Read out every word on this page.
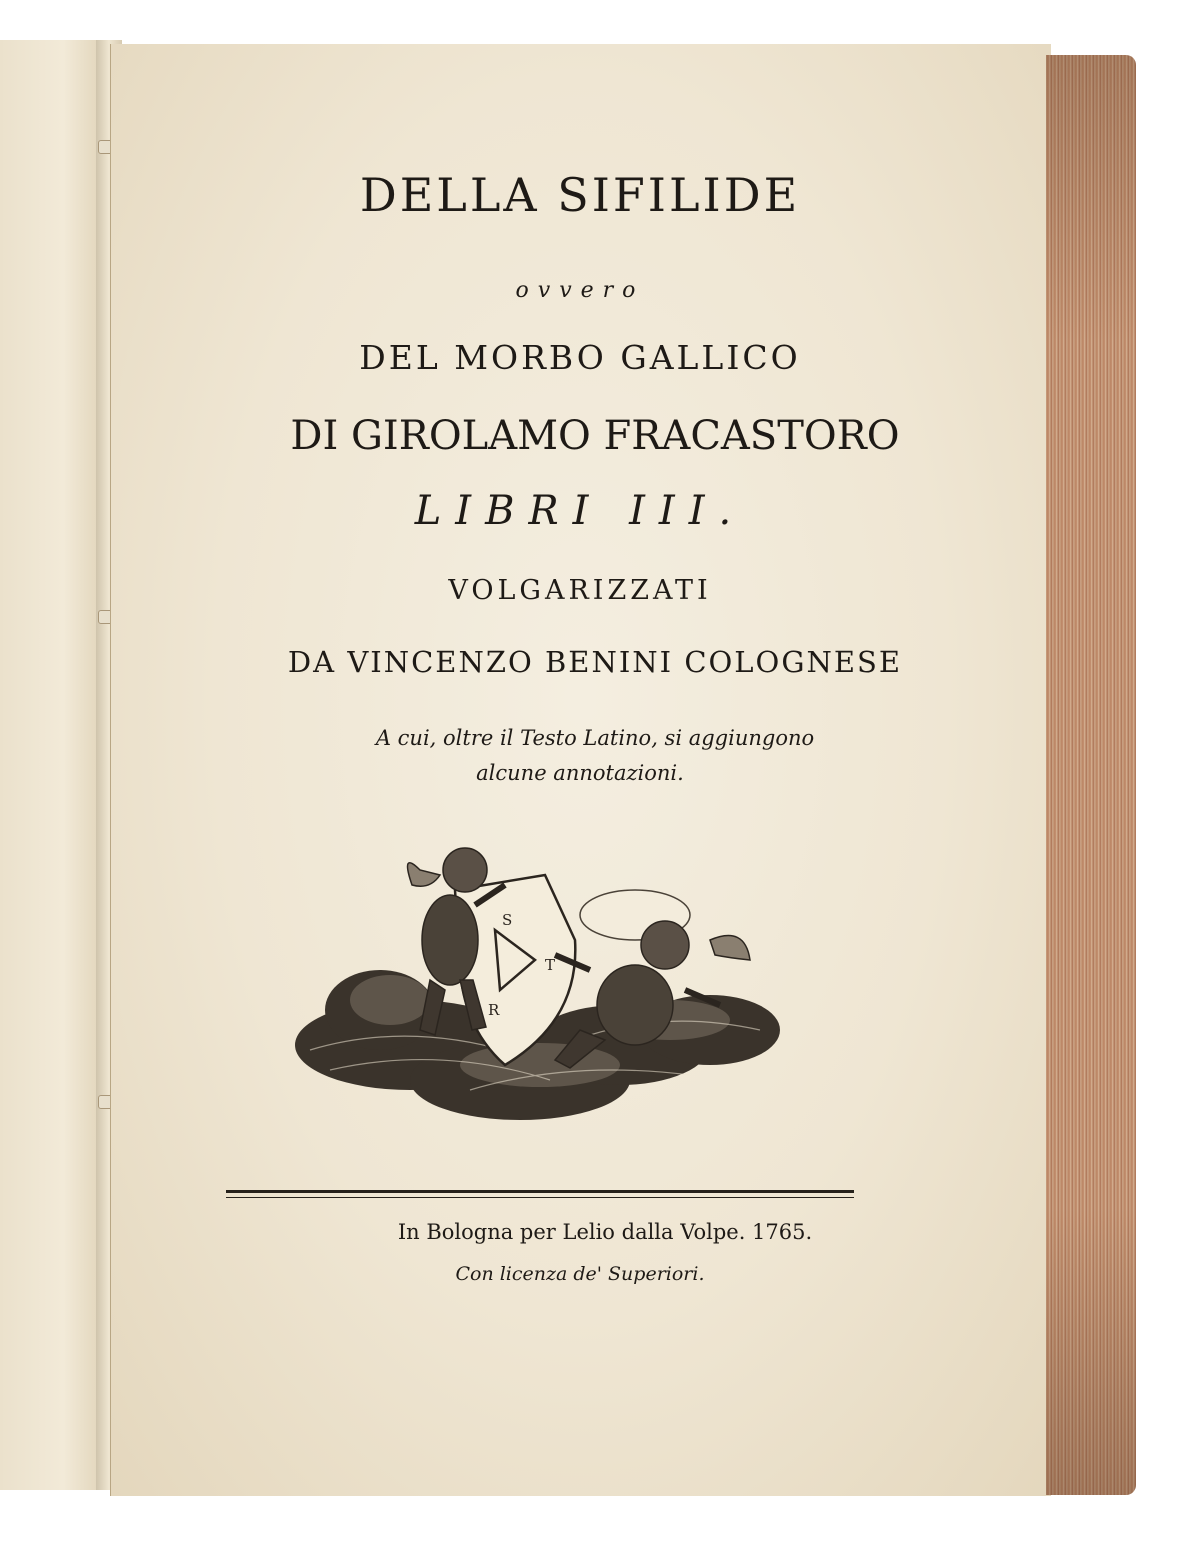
DELLA SIFILIDE
ovvero
DEL MORBO GALLICO
DI GIROLAMO FRACASTORO
LIBRI III.
VOLGARIZZATI
DA VINCENZO BENINI COLOGNESE
A cui, oltre il Testo Latino, si aggiungono
alcune annotazioni.
S
T
R
In Bologna per Lelio dalla Volpe. 1765.
Con licenza de' Superiori.
